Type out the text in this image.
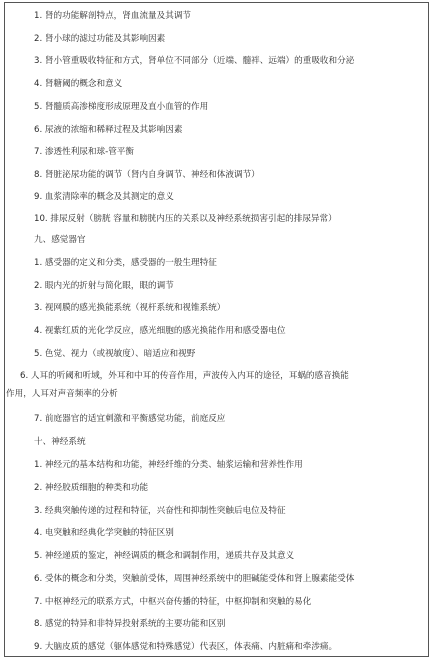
1. 肾的功能解剖特点，肾血流量及其调节
2. 肾小球的滤过功能及其影响因素
3. 肾小管重吸收特征和方式，肾单位不同部分（近端、髓袢、远端）的重吸收和分泌
4. 肾糖阈的概念和意义
5. 肾髓质高渗梯度形成原理及直小血管的作用
6. 尿液的浓缩和稀释过程及其影响因素
7. 渗透性利尿和球-管平衡
8. 肾脏泌尿功能的调节（肾内自身调节、神经和体液调节）
9. 血浆清除率的概念及其测定的意义
10. 排尿反射（膀胱 容量和膀胱内压的关系以及神经系统损害引起的排尿异常）
九、感觉器官
1. 感受器的定义和分类，感受器的一般生理特征
2. 眼内光的折射与简化眼，眼的调节
3. 视网膜的感光换能系统（视杆系统和视锥系统）
4. 视紫红质的光化学反应，感光细胞的感光换能作用和感受器电位
5. 色觉、视力（或视敏度）、暗适应和视野
6. 人耳的听阈和听域，外耳和中耳的传音作用，声波传入内耳的途径，耳蜗的感音换能
作用，人耳对声音频率的分析
7. 前庭器官的适宜刺激和平衡感觉功能，前庭反应
十、神经系统
1. 神经元的基本结构和功能，神经纤维的分类、轴浆运输和营养性作用
2. 神经胶质细胞的种类和功能
3. 经典突触传递的过程和特征，兴奋性和抑制性突触后电位及特征
4. 电突触和经典化学突触的特征区别
5. 神经递质的鉴定，神经调质的概念和调制作用，递质共存及其意义
6. 受体的概念和分类，突触前受体，周围神经系统中的胆碱能受体和肾上腺素能受体
7. 中枢神经元的联系方式，中枢兴奋传播的特征，中枢抑制和突触的易化
8. 感觉的特异和非特异投射系统的主要功能和区别
9. 大脑皮质的感觉（躯体感觉和特殊感觉）代表区，体表痛、内脏痛和牵涉痛。
